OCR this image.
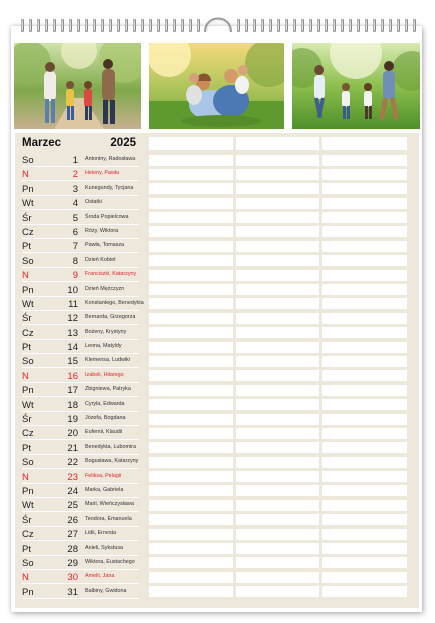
Marzec	2025
So	1 Antoniny, Radosława
N	2 Heleny, Pawła
Pn	3 Kunegundy, Tycjana
Wt	4 Ostatki
Śr	5 Środa Popielcowa
Cz	6 Róży, Wiktora
Pt	7 Pawła, Tomasza
So	8 Dzień Kobiet
N	9 Franciszki, Katarzyny
Pn	10 Dzień Mężczyzn
Wt	11 Konstantego, Benedykta
Śr	12 Bernarda, Grzegorza
Cz	13 Bożeny, Krystyny
Pt	14 Leona, Matyldy
So	15 Klemensa, Ludwiki
N	16 Izabeli, Hilarego
Pn	17 Zbigniewa, Patryka
Wt	18 Cyryla, Edwarda
Śr	19 Józefa, Bogdana
Cz	20 Eufemii, Klaudii
Pt	21 Benedykta, Lubomira
So	22 Bogusława, Katarzyny
N	23 Feliksa, Pelagii
Pn	24 Marka, Gabriela
Wt	25 Marii, Wieńczysława
Śr	26 Teodora, Emanuela
Cz	27 Lidii, Ernesta
Pt	28 Anieli, Sykstusa
So	29 Wiktora, Eustachego
N	30 Amelii, Jana
Pn	31 Balbiny, Gwidona
